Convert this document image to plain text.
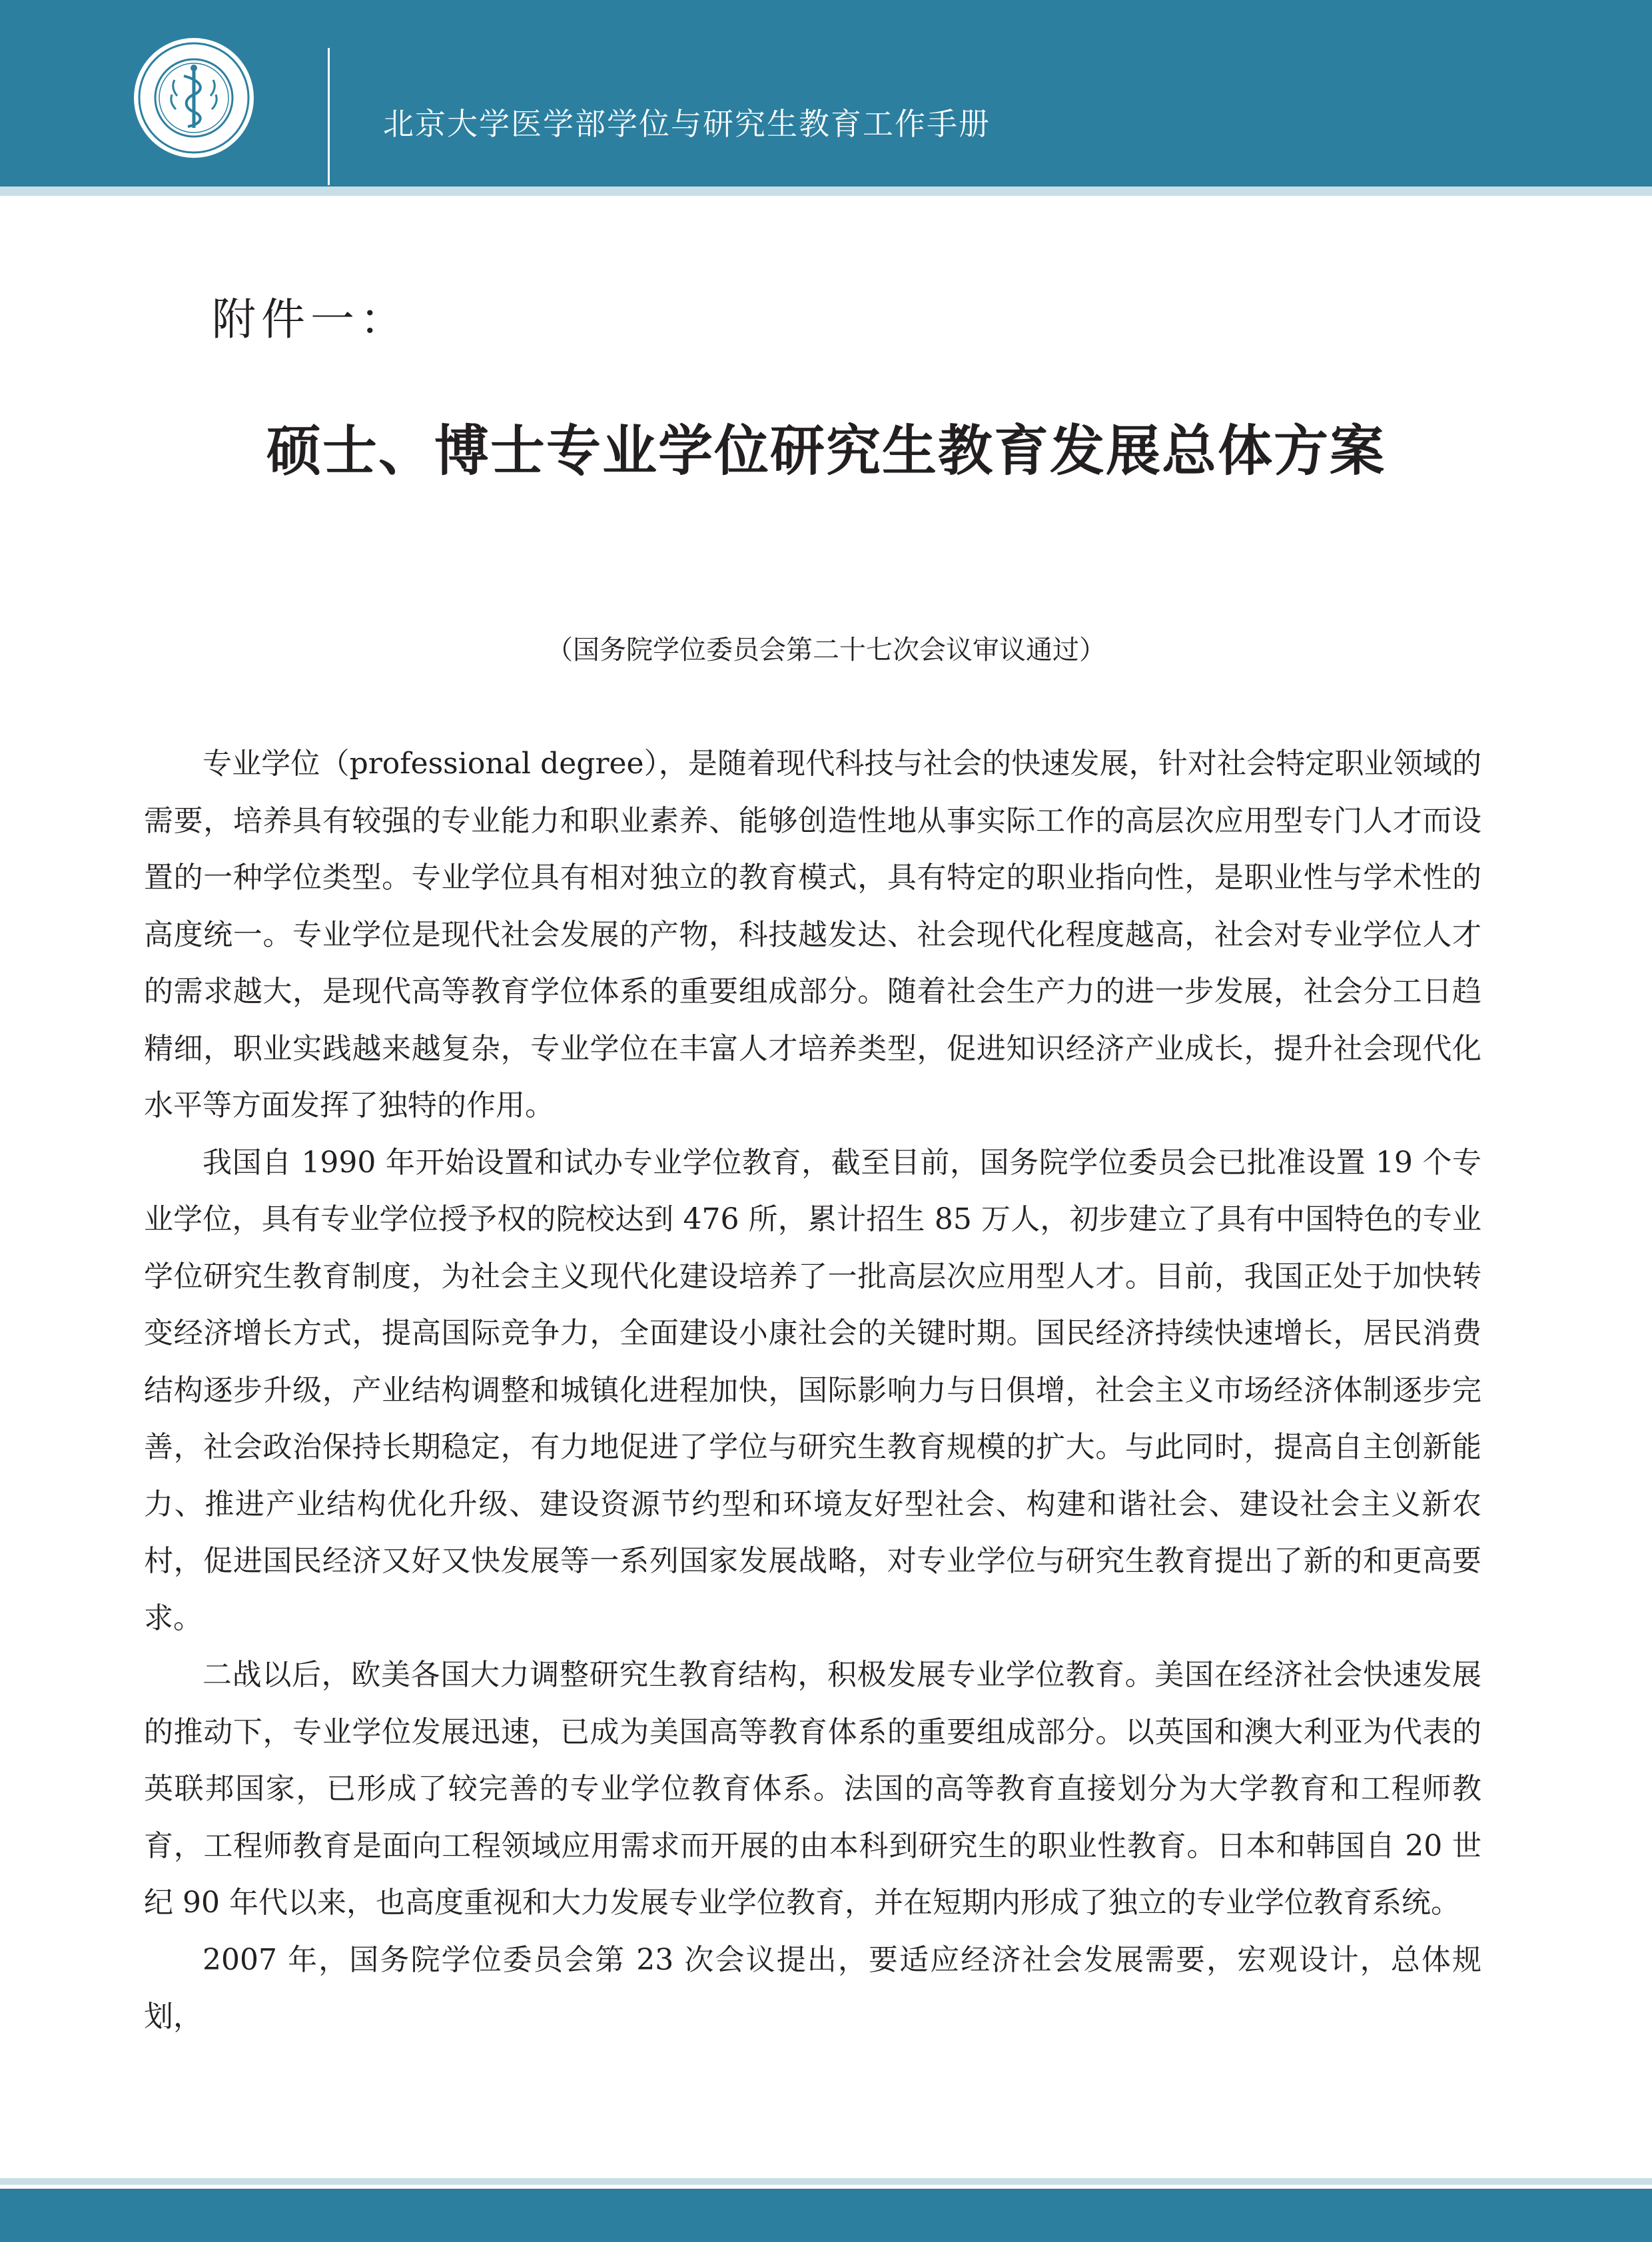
北京大学医学部学位与研究生教育工作手册
附件一：
硕士、博士专业学位研究生教育发展总体方案
（国务院学位委员会第二十七次会议审议通过）

专业学位（professional degree），是随着现代科技与社会的快速发展，针对社会特定职业领域的需要，培养具有较强的专业能力和职业素养、能够创造性地从事实际工作的高层次应用型专门人才而设置的一种学位类型。专业学位具有相对独立的教育模式，具有特定的职业指向性，是职业性与学术性的高度统一。专业学位是现代社会发展的产物，科技越发达、社会现代化程度越高，社会对专业学位人才的需求越大，是现代高等教育学位体系的重要组成部分。随着社会生产力的进一步发展，社会分工日趋精细，职业实践越来越复杂，专业学位在丰富人才培养类型，促进知识经济产业成长，提升社会现代化水平等方面发挥了独特的作用。

我国自 1990 年开始设置和试办专业学位教育，截至目前，国务院学位委员会已批准设置 19 个专业学位，具有专业学位授予权的院校达到 476 所，累计招生 85 万人，初步建立了具有中国特色的专业学位研究生教育制度，为社会主义现代化建设培养了一批高层次应用型人才。目前，我国正处于加快转变经济增长方式，提高国际竞争力，全面建设小康社会的关键时期。国民经济持续快速增长，居民消费结构逐步升级，产业结构调整和城镇化进程加快，国际影响力与日俱增，社会主义市场经济体制逐步完善，社会政治保持长期稳定，有力地促进了学位与研究生教育规模的扩大。与此同时，提高自主创新能力、推进产业结构优化升级、建设资源节约型和环境友好型社会、构建和谐社会、建设社会主义新农村，促进国民经济又好又快发展等一系列国家发展战略，对专业学位与研究生教育提出了新的和更高要求。

二战以后，欧美各国大力调整研究生教育结构，积极发展专业学位教育。美国在经济社会快速发展的推动下，专业学位发展迅速，已成为美国高等教育体系的重要组成部分。以英国和澳大利亚为代表的英联邦国家，已形成了较完善的专业学位教育体系。法国的高等教育直接划分为大学教育和工程师教育，工程师教育是面向工程领域应用需求而开展的由本科到研究生的职业性教育。日本和韩国自 20 世纪 90 年代以来，也高度重视和大力发展专业学位教育，并在短期内形成了独立的专业学位教育系统。

2007 年，国务院学位委员会第 23 次会议提出，要适应经济社会发展需要，宏观设计，总体规划，
